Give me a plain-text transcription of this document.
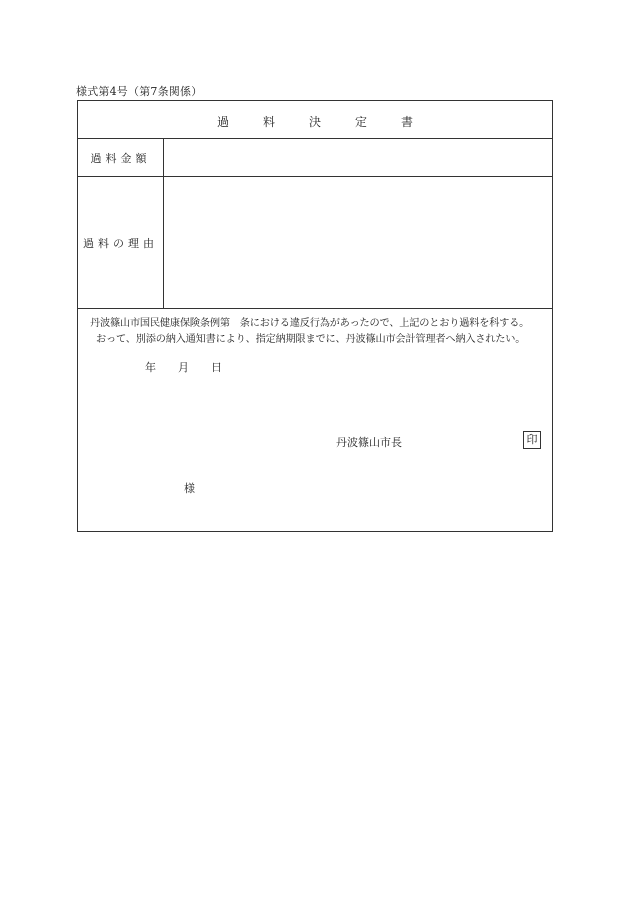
様式第4号（第7条関係）
過	料	決	定	書
過料金額
過料の理由
丹波篠山市国民健康保険条例第　条における違反行為があったので、上記のとおり過料を科する。
おって、別添の納入通知書により、指定納期限までに、丹波篠山市会計管理者へ納入されたい。
年 月 日
丹波篠山市長	印
様
